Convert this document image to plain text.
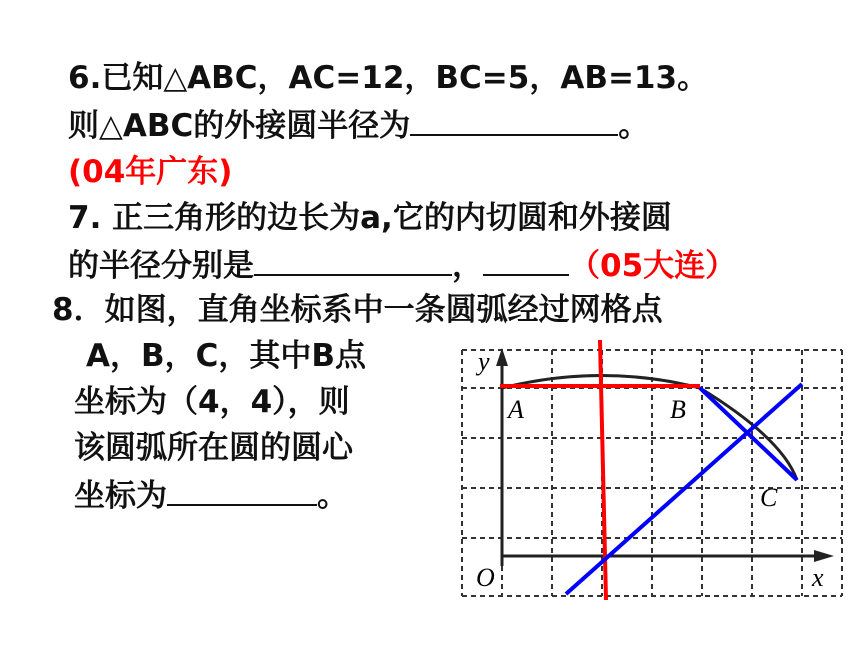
6.已知△ABC，AC=12，BC=5，AB=13。
则△ABC的外接圆半径为	。
(04年广东)
7. 正三角形的边长为a,它的内切圆和外接圆
的半径分别是	，	（05大连）
8．如图，直角坐标系中一条圆弧经过网格点
A，B，C，其中B点
坐标为（4，4），则
该圆弧所在圆的圆心
坐标为	。
y
x
O
A	B
C
